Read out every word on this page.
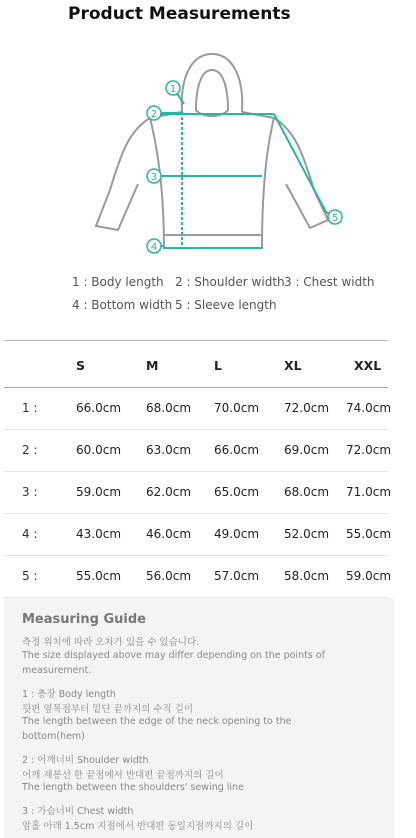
Product Measurements
1
2
3
4
5
1 : Body length 2 : Shoulder width 3 : Chest width
4 : Bottom width 5 : Sleeve length
S	M	L	XL	XXL
1 :	66.0cm 68.0cm 70.0cm 72.0cm 74.0cm
2 :	60.0cm 63.0cm 66.0cm 69.0cm 72.0cm
3 :	59.0cm 62.0cm 65.0cm 68.0cm 71.0cm
4 :	43.0cm 46.0cm 49.0cm 52.0cm 55.0cm
5 :	55.0cm 56.0cm 57.0cm 58.0cm 59.0cm
Measuring Guide
측정 위치에 따라 오차가 있을 수 있습니다.
The size displayed above may differ depending on the points of
measurement.
1 : 총장 Body length
뒷편 옆목점부터 밑단 끝까지의 수직 길이
The length between the edge of the neck opening to the
bottom(hem)
2 : 어깨너비 Shoulder width
어깨 재봉선 한 끝점에서 반대편 끝점까지의 길이
The length between the shoulders' sewing line
3 : 가슴너비 Chest width
암홀 아래 1.5cm 지점에서 반대편 동일지점까지의 길이
